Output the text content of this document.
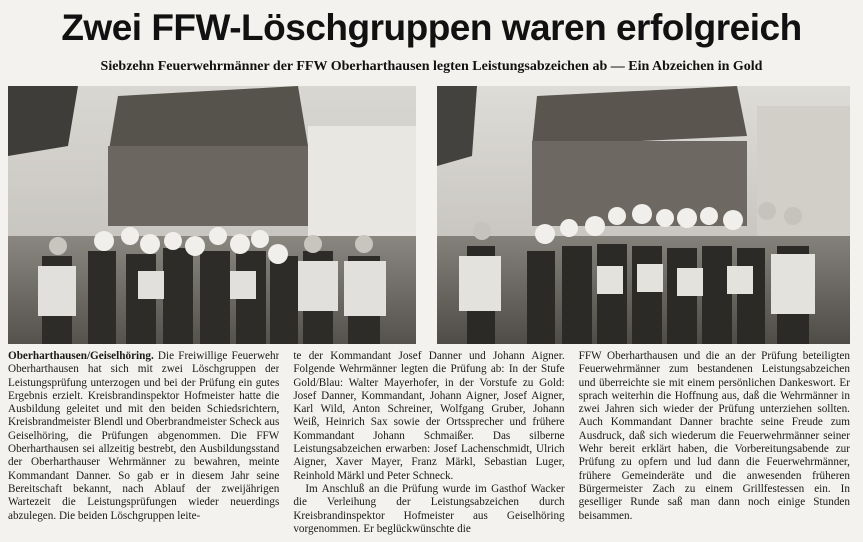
Zwei FFW-Löschgruppen waren erfolgreich
Siebzehn Feuerwehrmänner der FFW Oberharthausen legten Leistungsabzeichen ab — Ein Abzeichen in Gold

Oberharthausen/Geiselhöring. Die Freiwillige Feuerwehr Oberharthausen hat sich mit zwei Löschgruppen der Leistungsprüfung unterzogen und bei der Prüfung ein gutes Ergebnis erzielt. Kreisbrandinspektor Hofmeister hatte die Ausbildung geleitet und mit den beiden Schiedsrichtern, Kreisbrandmeister Blendl und Oberbrandmeister Scheck aus Geiselhöring, die Prüfungen abgenommen. Die FFW Oberharthausen sei allzeitig bestrebt, den Ausbildungsstand der Oberharthauser Wehrmänner zu bewahren, meinte Kommandant Danner. So gab er in diesem Jahr seine Bereitschaft bekannt, nach Ablauf der zweijährigen Wartezeit die Leistungsprüfungen wieder neuerdings abzulegen. Die beiden Löschgruppen leite-

te der Kommandant Josef Danner und Johann Aigner. Folgende Wehrmänner legten die Prüfung ab: In der Stufe Gold/Blau: Walter Mayerhofer, in der Vorstufe zu Gold: Josef Danner, Kommandant, Johann Aigner, Josef Aigner, Karl Wild, Anton Schreiner, Wolfgang Gruber, Johann Weiß, Heinrich Sax sowie der Ortssprecher und frühere Kommandant Johann Schmaißer. Das silberne Leistungsabzeichen erwarben: Josef Lachenschmidt, Ulrich Aigner, Xaver Mayer, Franz Märkl, Sebastian Luger, Reinhold Märkl und Peter Schneck.

Im Anschluß an die Prüfung wurde im Gasthof Wacker die Verleihung der Leistungsabzeichen durch Kreisbrandinspektor Hofmeister aus Geiselhöring vorgenommen. Er beglückwünschte die

FFW Oberharthausen und die an der Prüfung beteiligten Feuerwehrmänner zum bestandenen Leistungsabzeichen und überreichte sie mit einem persönlichen Dankeswort. Er sprach weiterhin die Hoffnung aus, daß die Wehrmänner in zwei Jahren sich wieder der Prüfung unterziehen sollten. Auch Kommandant Danner brachte seine Freude zum Ausdruck, daß sich wiederum die Feuerwehrmänner seiner Wehr bereit erklärt haben, die Vorbereitungsabende zur Prüfung zu opfern und lud dann die Feuerwehrmänner, frühere Gemeinderäte und die anwesenden früheren Bürgermeister Zach zu einem Grillfestessen ein. In geselliger Runde saß man dann noch einige Stunden beisammen.
